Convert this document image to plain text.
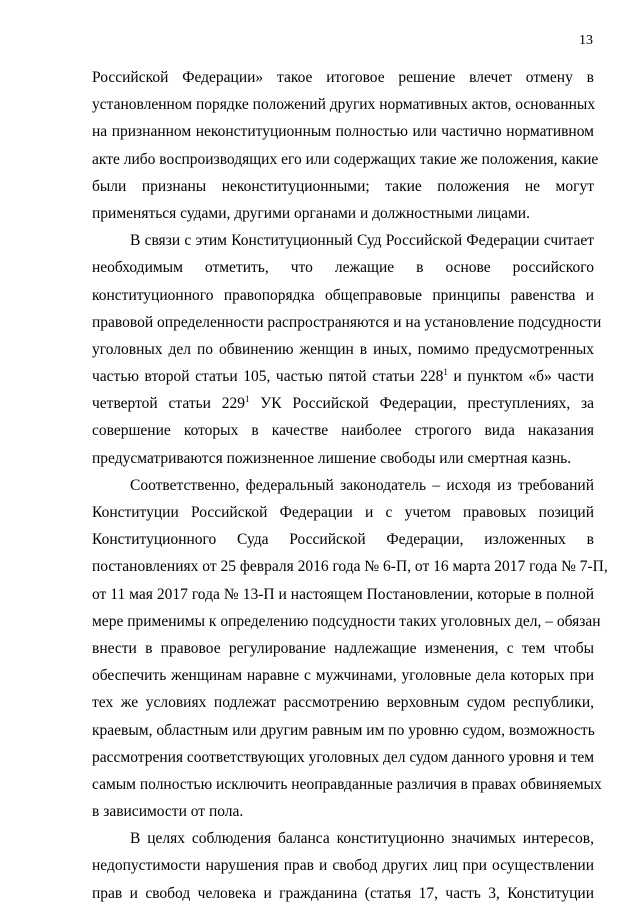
13
Российской Федерации» такое итоговое решение влечет отмену в
установленном порядке положений других нормативных актов, основанных
на признанном неконституционным полностью или частично нормативном
акте либо воспроизводящих его или содержащих такие же положения, какие
были признаны неконституционными; такие положения не могут
применяться судами, другими органами и должностными лицами.
В связи с этим Конституционный Суд Российской Федерации считает
необходимым отметить, что лежащие в основе российского
конституционного правопорядка общеправовые принципы равенства и
правовой определенности распространяются и на установление подсудности
уголовных дел по обвинению женщин в иных, помимо предусмотренных
частью второй статьи 105, частью пятой статьи $228^1$ и пунктом «б» части
четвертой статьи $229^1$ УК Российской Федерации, преступлениях, за
совершение которых в качестве наиболее строгого вида наказания
предусматриваются пожизненное лишение свободы или смертная казнь.
Соответственно, федеральный законодатель – исходя из требований
Конституции Российской Федерации и с учетом правовых позиций
Конституционного Суда Российской Федерации, изложенных в
постановлениях от 25 февраля 2016 года № 6-П, от 16 марта 2017 года № 7-П,
от 11 мая 2017 года № 13-П и настоящем Постановлении, которые в полной
мере применимы к определению подсудности таких уголовных дел, – обязан
внести в правовое регулирование надлежащие изменения, с тем чтобы
обеспечить женщинам наравне с мужчинами, уголовные дела которых при
тех же условиях подлежат рассмотрению верховным судом республики,
краевым, областным или другим равным им по уровню судом, возможность
рассмотрения соответствующих уголовных дел судом данного уровня и тем
самым полностью исключить неоправданные различия в правах обвиняемых
в зависимости от пола.
В целях соблюдения баланса конституционно значимых интересов,
недопустимости нарушения прав и свобод других лиц при осуществлении
прав и свобод человека и гражданина (статья 17, часть 3, Конституции
